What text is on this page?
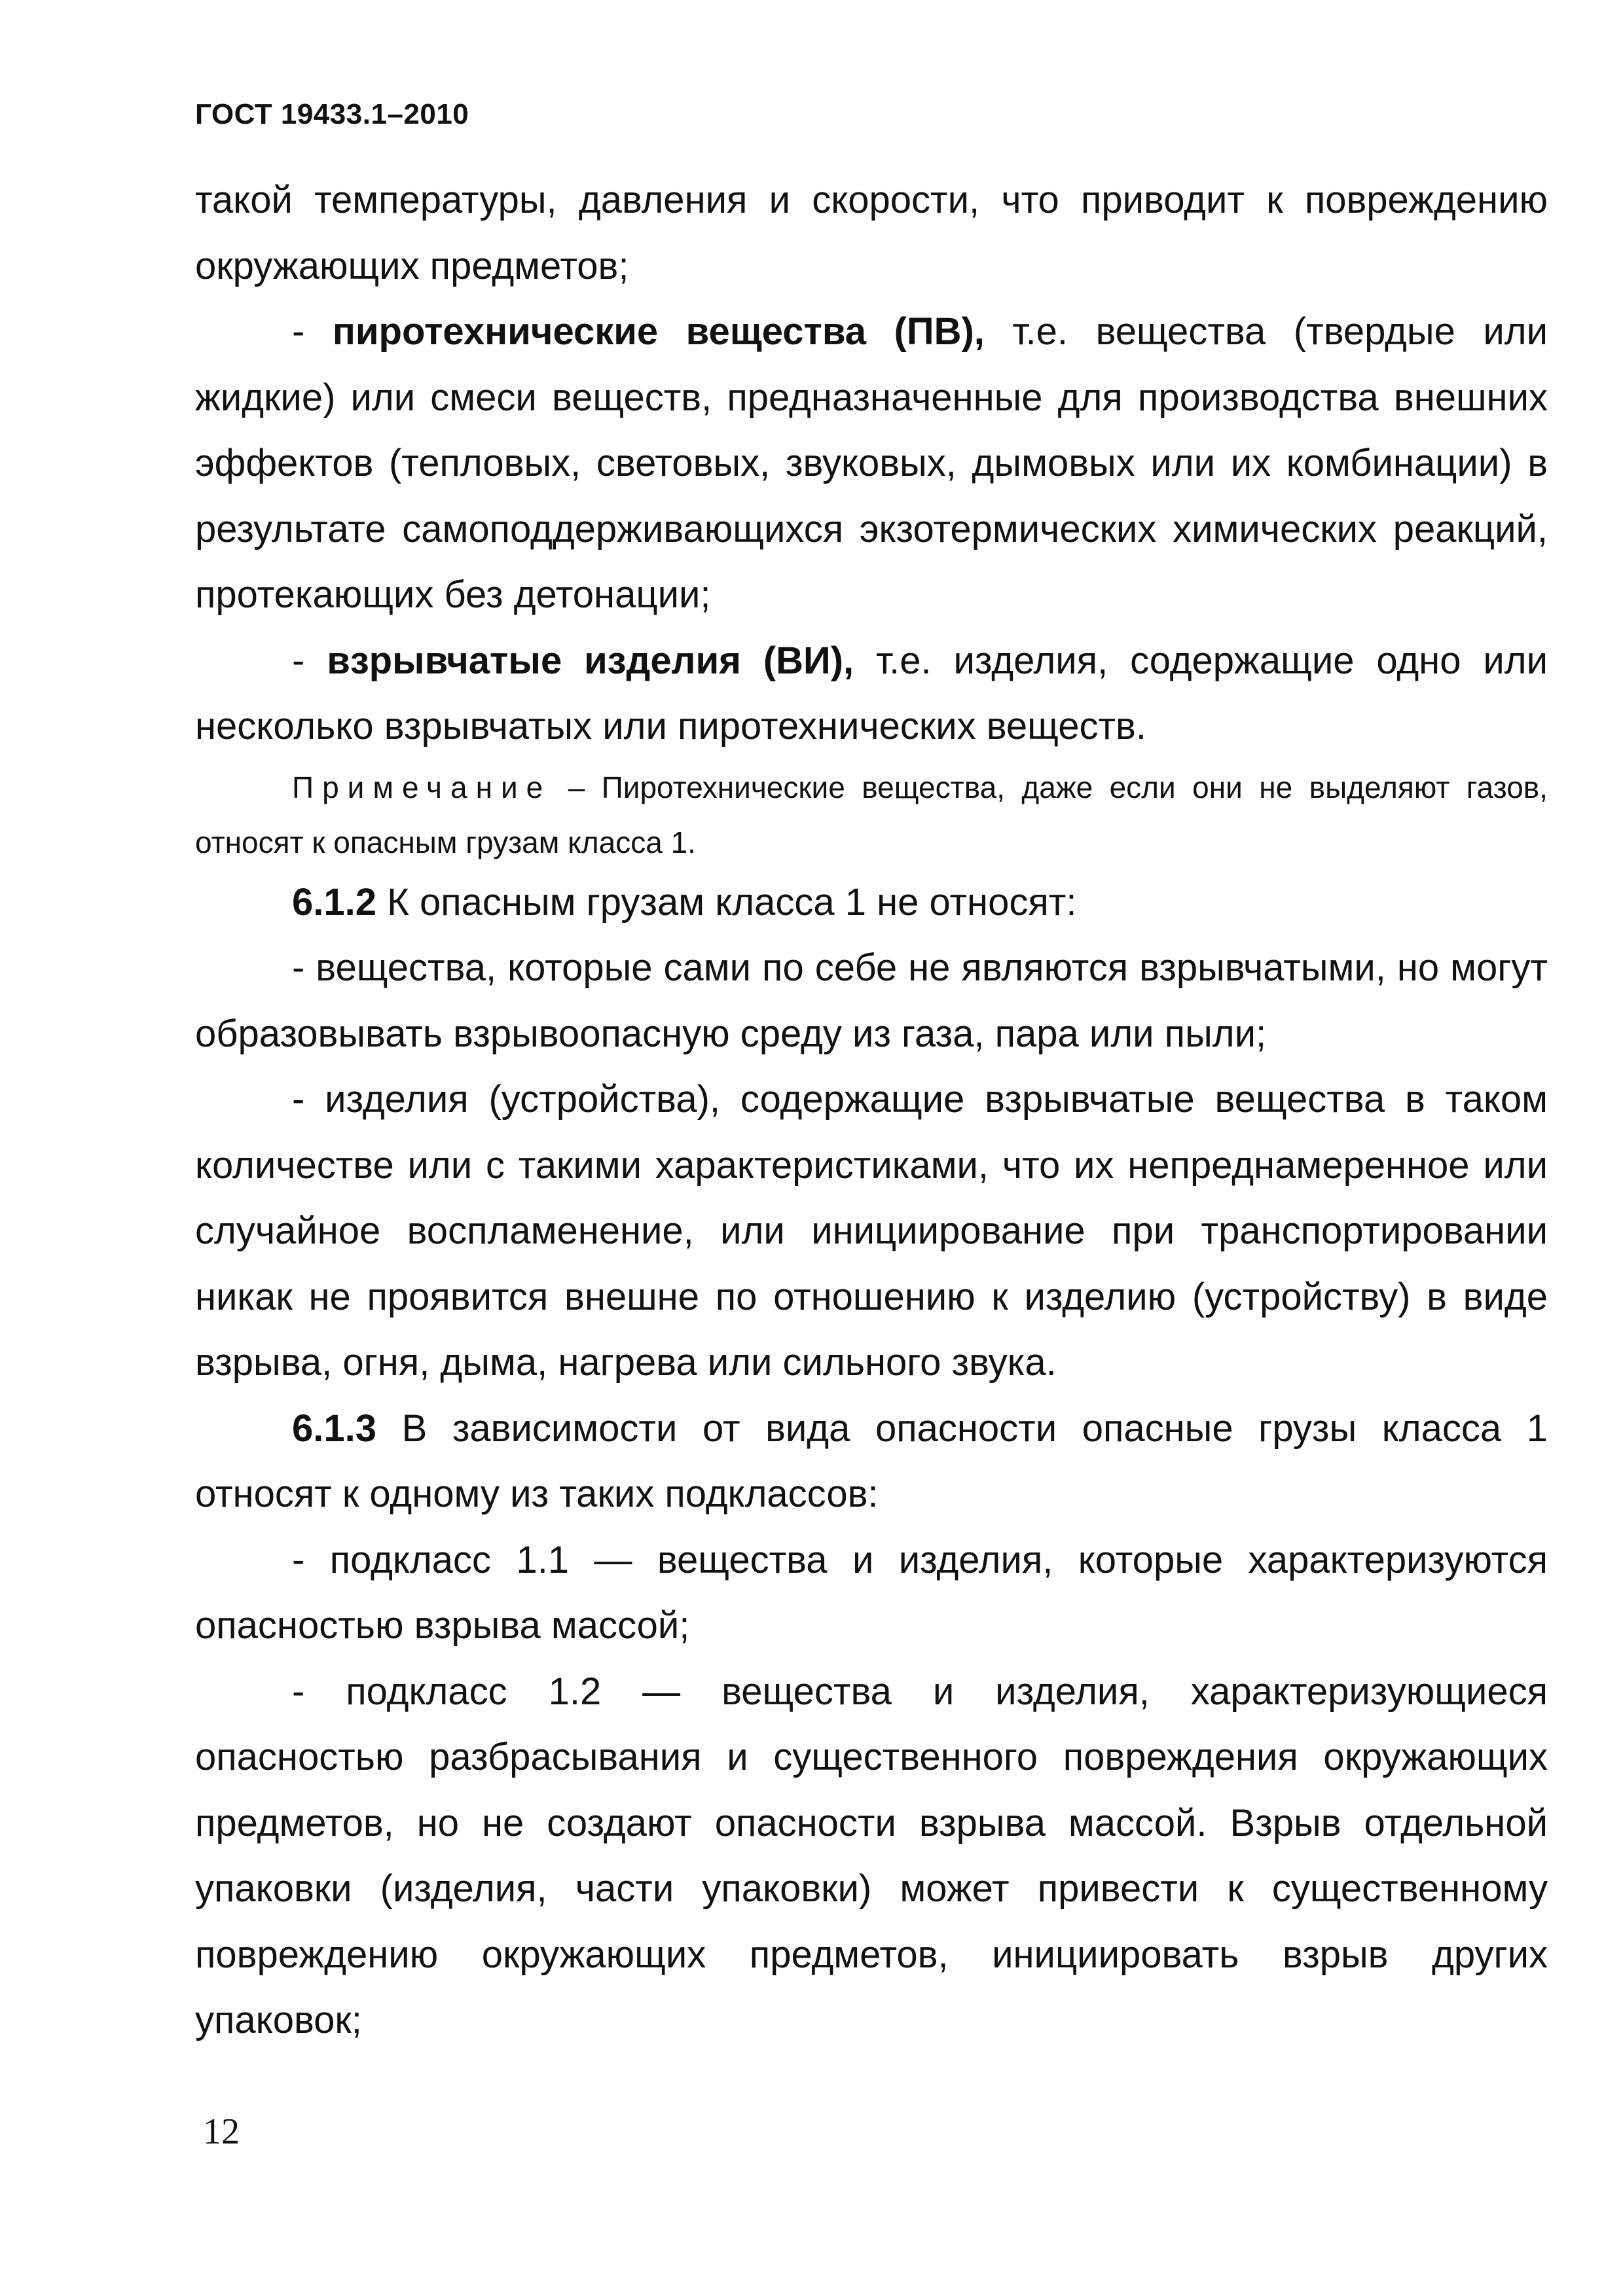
ГОСТ 19433.1–2010

такой температуры, давления и скорости, что приводит к повреждению окружающих предметов;

- пиротехнические вещества (ПВ), т.е. вещества (твердые или жидкие) или смеси веществ, предназначенные для производства внешних эффектов (тепловых, световых, звуковых, дымовых или их комбинации) в результате самоподдерживающихся экзотермических химических реакций, протекающих без детонации;

- взрывчатые изделия (ВИ), т.е. изделия, содержащие одно или несколько взрывчатых или пиротехнических веществ.

Примечание – Пиротехнические вещества, даже если они не выделяют газов, относят к опасным грузам класса 1.

6.1.2 К опасным грузам класса 1 не относят:

- вещества, которые сами по себе не являются взрывчатыми, но могут образовывать взрывоопасную среду из газа, пара или пыли;

- изделия (устройства), содержащие взрывчатые вещества в таком количестве или с такими характеристиками, что их непреднамеренное или случайное воспламенение, или инициирование при транспортировании никак не проявится внешне по отношению к изделию (устройству) в виде взрыва, огня, дыма, нагрева или сильного звука.

6.1.3 В зависимости от вида опасности опасные грузы класса 1 относят к одному из таких подклассов:

- подкласс 1.1 — вещества и изделия, которые характеризуются опасностью взрыва массой;

- подкласс 1.2 — вещества и изделия, характеризующиеся опасностью разбрасывания и существенного повреждения окружающих предметов, но не создают опасности взрыва массой. Взрыв отдельной упаковки (изделия, части упаковки) может привести к существенному повреждению окружающих предметов, инициировать взрыв других упаковок;

12
